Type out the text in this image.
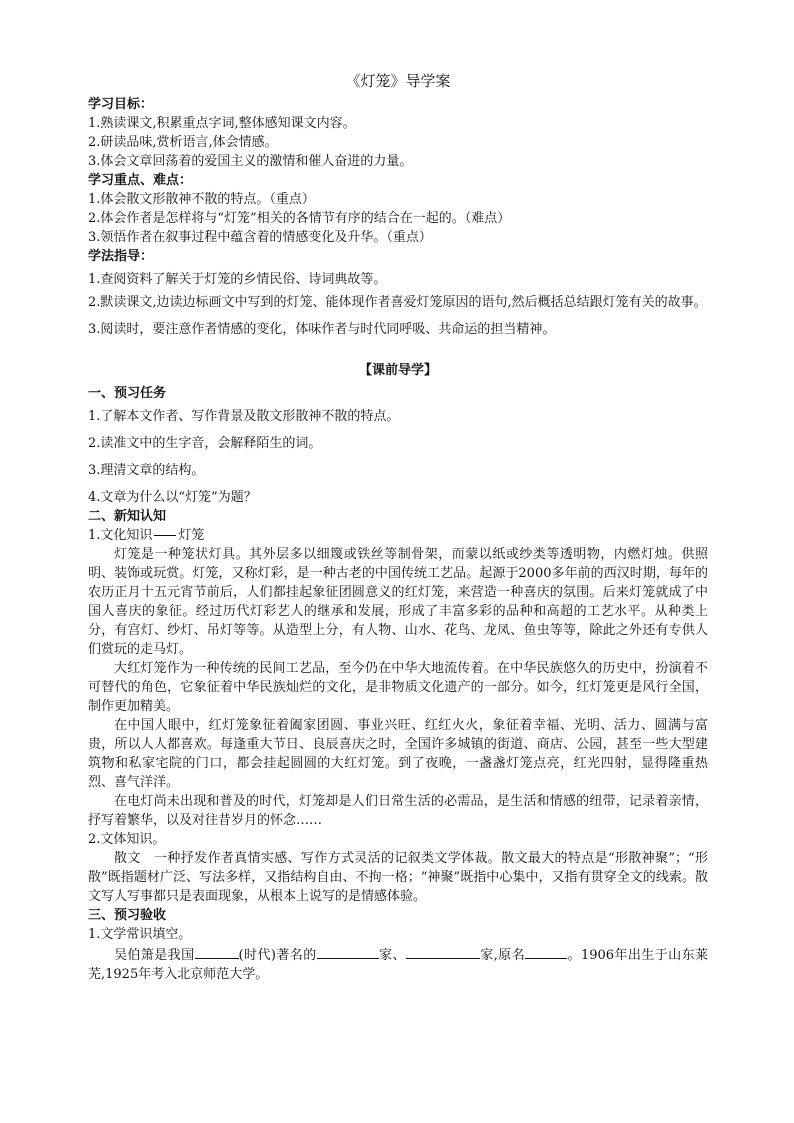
《灯笼》导学案

学习目标：

1.熟读课文,积累重点字词,整体感知课文内容。

2.研读品味,赏析语言,体会情感。

3.体会文章回荡着的爱国主义的激情和催人奋进的力量。

学习重点、难点：

1.体会散文形散神不散的特点。（重点）

2.体会作者是怎样将与“灯笼”相关的各情节有序的结合在一起的。（难点）

3.领悟作者在叙事过程中蕴含着的情感变化及升华。（重点）

学法指导：

1.查阅资料了解关于灯笼的乡情民俗、诗词典故等。

2.默读课文,边读边标画文中写到的灯笼、能体现作者喜爱灯笼原因的语句,然后概括总结跟灯笼有关的故事。

3.阅读时，要注意作者情感的变化，体味作者与时代同呼吸、共命运的担当精神。

【课前导学】

一、预习任务

1.了解本文作者、写作背景及散文形散神不散的特点。

2.读准文中的生字音，会解释陌生的词。

3.理清文章的结构。

4.文章为什么以“灯笼”为题？

二、新知认知

1.文化知识 灯笼

灯笼是一种笼状灯具。其外层多以细篾或铁丝等制骨架，而蒙以纸或纱类等透明物，内燃灯烛。供照明、装饰或玩赏。灯笼，又称灯彩，是一种古老的中国传统工艺品。起源于2000多年前的西汉时期，每年的农历正月十五元宵节前后，人们都挂起象征团圆意义的红灯笼，来营造一种喜庆的氛围。后来灯笼就成了中国人喜庆的象征。经过历代灯彩艺人的继承和发展，形成了丰富多彩的品种和高超的工艺水平。从种类上分，有宫灯、纱灯、吊灯等等。从造型上分，有人物、山水、花鸟、龙凤、鱼虫等等，除此之外还有专供人们赏玩的走马灯。

大红灯笼作为一种传统的民间工艺品，至今仍在中华大地流传着。在中华民族悠久的历史中，扮演着不可替代的角色，它象征着中华民族灿烂的文化，是非物质文化遗产的一部分。如今，红灯笼更是风行全国，制作更加精美。

在中国人眼中，红灯笼象征着阖家团圆、事业兴旺、红红火火，象征着幸福、光明、活力、圆满与富贵，所以人人都喜欢。每逢重大节日、良辰喜庆之时，全国许多城镇的街道、商店、公园，甚至一些大型建筑物和私家宅院的门口，都会挂起圆圆的大红灯笼。到了夜晚，一盏盏灯笼点亮，红光四射，显得隆重热烈、喜气洋洋。

在电灯尚未出现和普及的时代，灯笼却是人们日常生活的必需品，是生活和情感的纽带，记录着亲情，抒写着繁华，以及对往昔岁月的怀念……

2.文体知识。

散文　一种抒发作者真情实感、写作方式灵活的记叙类文学体裁。散文最大的特点是“形散神聚”；“形散”既指题材广泛、写法多样，又指结构自由、不拘一格；“神聚”既指中心集中，又指有贯穿全文的线索。散文写人写事都只是表面现象，从根本上说写的是情感体验。

三、预习验收

1.文学常识填空。

吴伯箫是我国	(时代)著名的	家、	家,原名	。1906年出生于山东莱芜,1925年考入北京师范大学。
